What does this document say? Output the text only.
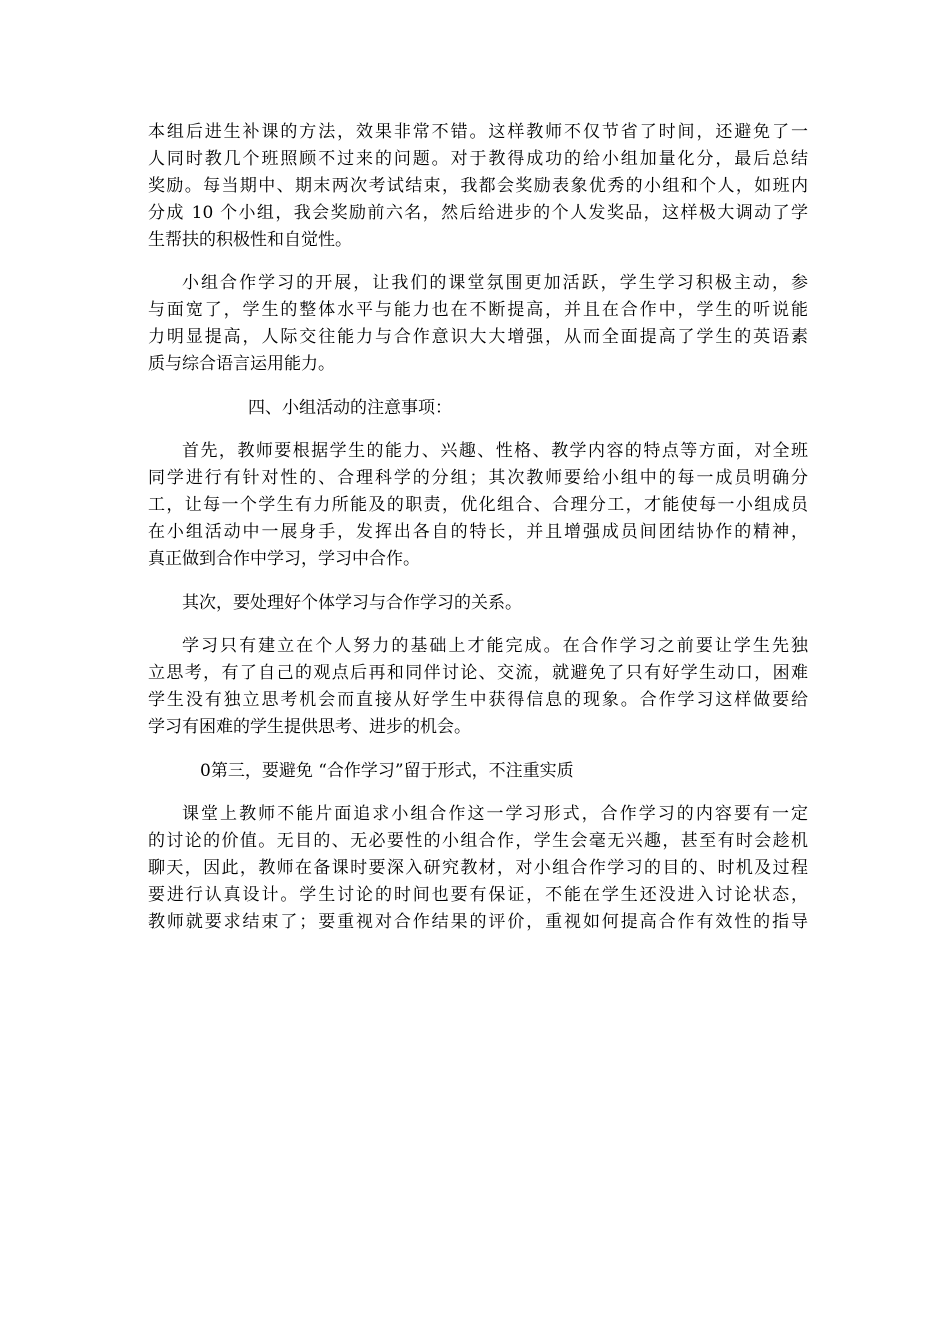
本组后进生补课的方法，效果非常不错。这样教师不仅节省了时间，还避免了一
人同时教几个班照顾不过来的问题。对于教得成功的给小组加量化分，最后总结
奖励。每当期中、期末两次考试结束，我都会奖励表象优秀的小组和个人，如班内
分成 10 个小组，我会奖励前六名，然后给进步的个人发奖品，这样极大调动了学
生帮扶的积极性和自觉性。
小组合作学习的开展，让我们的课堂氛围更加活跃，学生学习积极主动，参
与面宽了，学生的整体水平与能力也在不断提高，并且在合作中，学生的听说能
力明显提高，人际交往能力与合作意识大大增强，从而全面提高了学生的英语素
质与综合语言运用能力。
四、小组活动的注意事项：
首先，教师要根据学生的能力、兴趣、性格、教学内容的特点等方面，对全班
同学进行有针对性的、合理科学的分组；其次教师要给小组中的每一成员明确分
工，让每一个学生有力所能及的职责，优化组合、合理分工，才能使每一小组成员
在小组活动中一展身手，发挥出各自的特长，并且增强成员间团结协作的精神，
真正做到合作中学习，学习中合作。
其次，要处理好个体学习与合作学习的关系。
学习只有建立在个人努力的基础上才能完成。在合作学习之前要让学生先独
立思考，有了自己的观点后再和同伴讨论、交流，就避免了只有好学生动口，困难
学生没有独立思考机会而直接从好学生中获得信息的现象。合作学习这样做要给
学习有困难的学生提供思考、进步的机会。
0第三，要避免 “合作学习”留于形式，不注重实质
课堂上教师不能片面追求小组合作这一学习形式，合作学习的内容要有一定
的讨论的价值。无目的、无必要性的小组合作，学生会毫无兴趣，甚至有时会趁机
聊天，因此，教师在备课时要深入研究教材，对小组合作学习的目的、时机及过程
要进行认真设计。学生讨论的时间也要有保证，不能在学生还没进入讨论状态，
教师就要求结束了；要重视对合作结果的评价，重视如何提高合作有效性的指导
